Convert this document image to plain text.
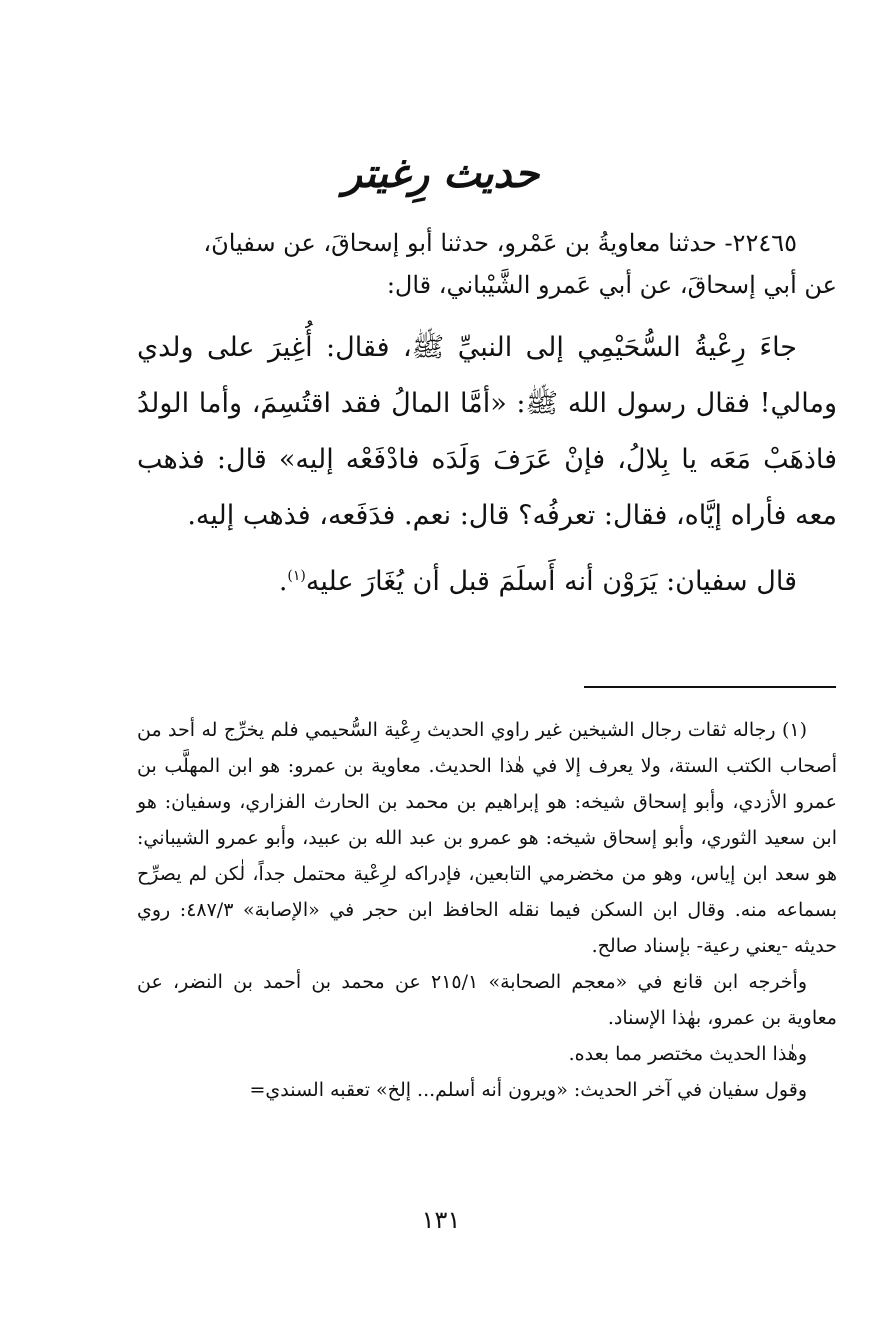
حديث رِغيتر

٢٢٤٦٥- حدثنا معاويةُ بن عَمْرو، حدثنا أبو إسحاقَ، عن سفيانَ،

عن أبي إسحاقَ، عن أبي عَمرو الشَّيْباني، قال:

جاءَ رِعْيةُ السُّحَيْمِي إلى النبيِّ ﷺ، فقال: أُغِيرَ على ولدي ومالي! فقال رسول الله ﷺ: «أمَّا المالُ فقد اقتُسِمَ، وأما الولدُ فاذهَبْ مَعَه يا بِلالُ، فإنْ عَرَفَ وَلَدَه فادْفَعْه إليه» قال: فذهب معه فأراه إيَّاه، فقال: تعرفُه؟ قال: نعم. فدَفَعه، فذهب إليه.

قال سفيان: يَرَوْن أنه أَسلَمَ قبل أن يُغَارَ عليه$^{(١)}$.

(١) رجاله ثقات رجال الشيخين غير راوي الحديث رِعْية السُّحيمي فلم يخرِّج له أحد من أصحاب الكتب الستة، ولا يعرف إلا في هٰذا الحديث. معاوية بن عمرو: هو ابن المهلَّب بن عمرو الأزدي، وأبو إسحاق شيخه: هو إبراهيم بن محمد بن الحارث الفزاري، وسفيان: هو ابن سعيد الثوري، وأبو إسحاق شيخه: هو عمرو بن عبد الله بن عبيد، وأبو عمرو الشيباني: هو سعد ابن إياس، وهو من مخضرمي التابعين، فإدراكه لرِعْية محتمل جداً، لٰكن لم يصرِّح بسماعه منه. وقال ابن السكن فيما نقله الحافظ ابن حجر في «الإصابة» ٤٨٧/٣: روي حديثه -يعني رعية- بإسناد صالح.

وأخرجه ابن قانع في «معجم الصحابة» ٢١٥/١ عن محمد بن أحمد بن النضر، عن معاوية بن عمرو، بهٰذا الإسناد.

وهٰذا الحديث مختصر مما بعده.

وقول سفيان في آخر الحديث: «ويرون أنه أسلم... إلخ» تعقبه السندي=

١٣١
